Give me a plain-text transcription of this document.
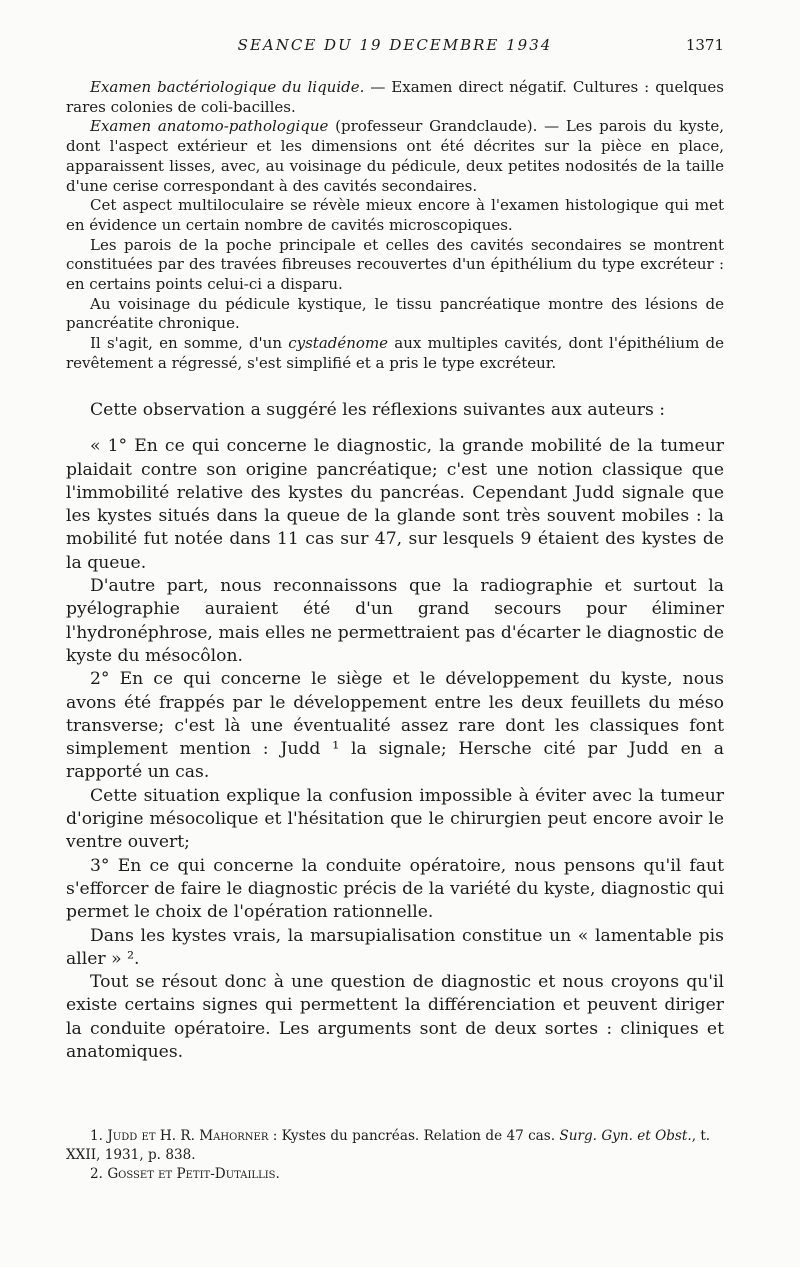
SEANCE DU 19 DECEMBRE 1934	1371

Examen bactériologique du liquide. — Examen direct négatif. Cultures : quelques rares colonies de coli-bacilles.

Examen anatomo-pathologique (professeur Grandclaude). — Les parois du kyste, dont l'aspect extérieur et les dimensions ont été décrites sur la pièce en place, apparaissent lisses, avec, au voisinage du pédicule, deux petites nodosités de la taille d'une cerise correspondant à des cavités secondaires.

Cet aspect multiloculaire se révèle mieux encore à l'examen histologique qui met en évidence un certain nombre de cavités microscopiques.

Les parois de la poche principale et celles des cavités secondaires se montrent constituées par des travées fibreuses recouvertes d'un épithélium du type excréteur : en certains points celui-ci a disparu.

Au voisinage du pédicule kystique, le tissu pancréatique montre des lésions de pancréatite chronique.

Il s'agit, en somme, d'un cystadénome aux multiples cavités, dont l'épithélium de revêtement a régressé, s'est simplifié et a pris le type excréteur.

Cette observation a suggéré les réflexions suivantes aux auteurs :

« 1° En ce qui concerne le diagnostic, la grande mobilité de la tumeur plaidait contre son origine pancréatique; c'est une notion classique que l'immobilité relative des kystes du pancréas. Cependant Judd signale que les kystes situés dans la queue de la glande sont très souvent mobiles : la mobilité fut notée dans 11 cas sur 47, sur lesquels 9 étaient des kystes de la queue.

D'autre part, nous reconnaissons que la radiographie et surtout la pyélographie auraient été d'un grand secours pour éliminer l'hydronéphrose, mais elles ne permettraient pas d'écarter le diagnostic de kyste du mésocôlon.

2° En ce qui concerne le siège et le développement du kyste, nous avons été frappés par le développement entre les deux feuillets du méso transverse; c'est là une éventualité assez rare dont les classiques font simplement mention : Judd ¹ la signale; Hersche cité par Judd en a rapporté un cas.

Cette situation explique la confusion impossible à éviter avec la tumeur d'origine mésocolique et l'hésitation que le chirurgien peut encore avoir le ventre ouvert;

3° En ce qui concerne la conduite opératoire, nous pensons qu'il faut s'efforcer de faire le diagnostic précis de la variété du kyste, diagnostic qui permet le choix de l'opération rationnelle.

Dans les kystes vrais, la marsupialisation constitue un « lamentable pis aller » ².

Tout se résout donc à une question de diagnostic et nous croyons qu'il existe certains signes qui permettent la différenciation et peuvent diriger la conduite opératoire. Les arguments sont de deux sortes : cliniques et anatomiques.

1. Judd et H. R. Mahorner : Kystes du pancréas. Relation de 47 cas. Surg. Gyn. et Obst., t. XXII, 1931, p. 838.

2. Gosset et Petit-Dutaillis.
